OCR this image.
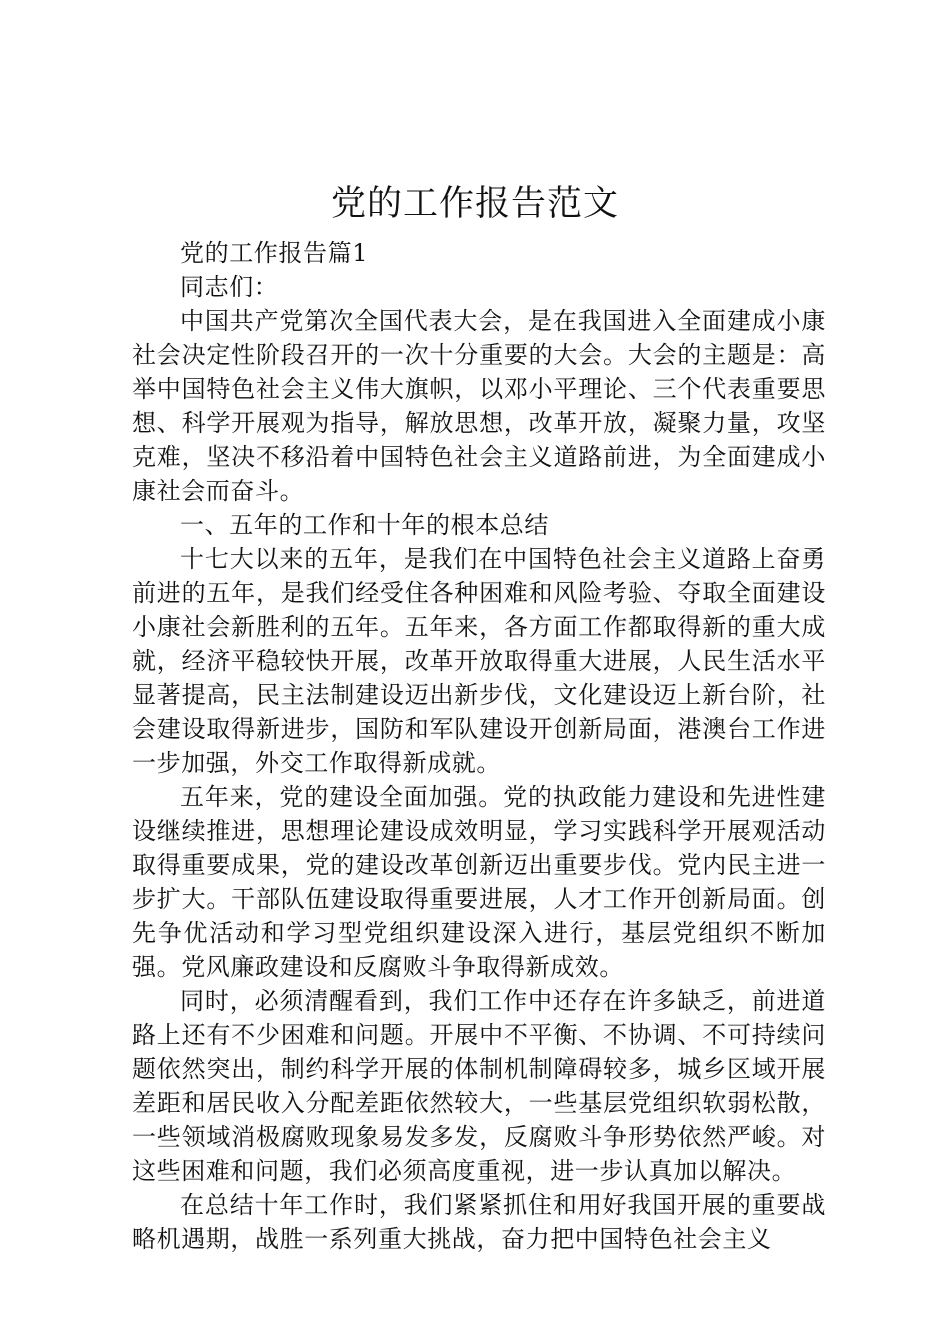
党的工作报告范文

党的工作报告篇1

同志们：

中国共产党第次全国代表大会，是在我国进入全面建成小康社会决定性阶段召开的一次十分重要的大会。大会的主题是：高举中国特色社会主义伟大旗帜，以邓小平理论、三个代表重要思想、科学开展观为指导，解放思想，改革开放，凝聚力量，攻坚克难，坚决不移沿着中国特色社会主义道路前进，为全面建成小康社会而奋斗。

一、五年的工作和十年的根本总结

十七大以来的五年，是我们在中国特色社会主义道路上奋勇前进的五年，是我们经受住各种困难和风险考验、夺取全面建设小康社会新胜利的五年。五年来，各方面工作都取得新的重大成就，经济平稳较快开展，改革开放取得重大进展，人民生活水平显著提高，民主法制建设迈出新步伐，文化建设迈上新台阶，社会建设取得新进步，国防和军队建设开创新局面，港澳台工作进一步加强，外交工作取得新成就。

五年来，党的建设全面加强。党的执政能力建设和先进性建设继续推进，思想理论建设成效明显，学习实践科学开展观活动取得重要成果，党的建设改革创新迈出重要步伐。党内民主进一步扩大。干部队伍建设取得重要进展，人才工作开创新局面。创先争优活动和学习型党组织建设深入进行，基层党组织不断加强。党风廉政建设和反腐败斗争取得新成效。

同时，必须清醒看到，我们工作中还存在许多缺乏，前进道路上还有不少困难和问题。开展中不平衡、不协调、不可持续问题依然突出，制约科学开展的体制机制障碍较多，城乡区域开展差距和居民收入分配差距依然较大，一些基层党组织软弱松散，一些领域消极腐败现象易发多发，反腐败斗争形势依然严峻。对这些困难和问题，我们必须高度重视，进一步认真加以解决。

在总结十年工作时，我们紧紧抓住和用好我国开展的重要战略机遇期，战胜一系列重大挑战，奋力把中国特色社会主义
